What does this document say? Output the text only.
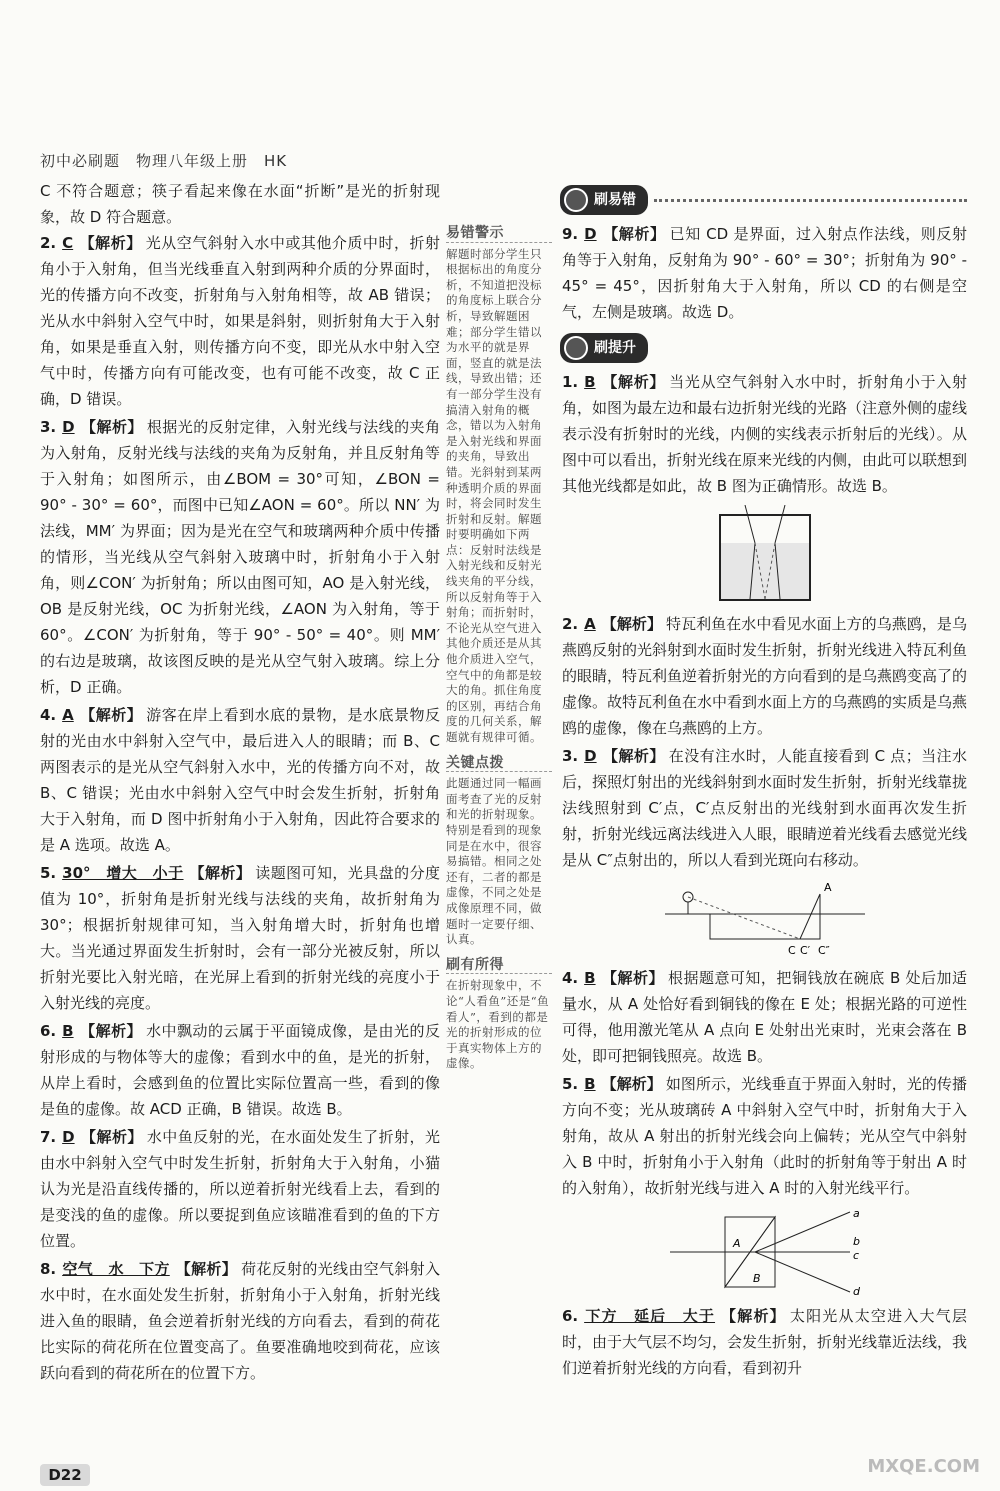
初中必刷题　物理八年级上册　HK

C 不符合题意；筷子看起来像在水面“折断”是光的折射现象，故 D 符合题意。

2. C 【解析】 光从空气斜射入水中或其他介质中时，折射角小于入射角，但当光线垂直入射到两种介质的分界面时，光的传播方向不改变，折射角与入射角相等，故 AB 错误；光从水中斜射入空气中时，如果是斜射，则折射角大于入射角，如果是垂直入射，则传播方向不变，即光从水中射入空气中时，传播方向有可能改变，也有可能不改变，故 C 正确，D 错误。

3. D 【解析】 根据光的反射定律，入射光线与法线的夹角为入射角，反射光线与法线的夹角为反射角，并且反射角等于入射角；如图所示，由∠BOM = 30°可知，∠BON = 90° - 30° = 60°，而图中已知∠AON = 60°。所以 NN′ 为法线，MM′ 为界面；因为是光在空气和玻璃两种介质中传播的情形，当光线从空气斜射入玻璃中时，折射角小于入射角，则∠CON′ 为折射角；所以由图可知，AO 是入射光线，OB 是反射光线，OC 为折射光线，∠AON 为入射角，等于 60°。∠CON′ 为折射角，等于 90° - 50° = 40°。则 MM′ 的右边是玻璃，故该图反映的是光从空气射入玻璃。综上分析，D 正确。

4. A 【解析】 游客在岸上看到水底的景物，是水底景物反射的光由水中斜射入空气中，最后进入人的眼睛；而 B、C 两图表示的是光从空气斜射入水中，光的传播方向不对，故 B、C 错误；光由水中斜射入空气中时会发生折射，折射角大于入射角，而 D 图中折射角小于入射角，因此符合要求的是 A 选项。故选 A。

5. 30°　增大　小于 【解析】 读题图可知，光具盘的分度值为 10°，折射角是折射光线与法线的夹角，故折射角为 30°；根据折射规律可知，当入射角增大时，折射角也增大。当光通过界面发生折射时，会有一部分光被反射，所以折射光要比入射光暗，在光屏上看到的折射光线的亮度小于入射光线的亮度。

6. B 【解析】 水中飘动的云属于平面镜成像，是由光的反射形成的与物体等大的虚像；看到水中的鱼，是光的折射，从岸上看时，会感到鱼的位置比实际位置高一些，看到的像是鱼的虚像。故 ACD 正确，B 错误。故选 B。

7. D 【解析】 水中鱼反射的光，在水面处发生了折射，光由水中斜射入空气中时发生折射，折射角大于入射角，小猫认为光是沿直线传播的，所以逆着折射光线看上去，看到的是变浅的鱼的虚像。所以要捉到鱼应该瞄准看到的鱼的下方位置。

8. 空气　水　下方 【解析】 荷花反射的光线由空气斜射入水中时，在水面处发生折射，折射角小于入射角，折射光线进入鱼的眼睛，鱼会逆着折射光线的方向看去，看到的荷花比实际的荷花所在位置变高了。鱼要准确地咬到荷花，应该跃向看到的荷花所在的位置下方。

易错警示
解题时部分学生只根据标出的角度分析，不知道把没标的角度标上联合分析，导致解题困难；部分学生错以为水平的就是界面，竖直的就是法线，导致出错；还有一部分学生没有搞清入射角的概念，错以为入射角是入射光线和界面的夹角，导致出错。光斜射到某两种透明介质的界面时，将会同时发生折射和反射。解题时要明确如下两点：反射时法线是入射光线和反射光线夹角的平分线，所以反射角等于入射角；而折射时，不论光从空气进入其他介质还是从其他介质进入空气，空气中的角都是较大的角。抓住角度的区别，再结合角度的几何关系，解题就有规律可循。
关键点拨
此题通过同一幅画面考查了光的反射和光的折射现象。特别是看到的现象同是在水中，很容易搞错。相同之处还有，二者的都是虚像，不同之处是成像原理不同，做题时一定要仔细、认真。
刷有所得
在折射现象中，不论“人看鱼”还是“鱼看人”，看到的都是光的折射形成的位于真实物体上方的虚像。
刷易错

9. D 【解析】 已知 CD 是界面，过入射点作法线，则反射角等于入射角，反射角为 90° - 60° = 30°；折射角为 90° - 45° = 45°，因折射角大于入射角，所以 CD 的右侧是空气，左侧是玻璃。故选 D。

刷提升

1. B 【解析】 当光从空气斜射入水中时，折射角小于入射角，如图为最左边和最右边折射光线的光路（注意外侧的虚线表示没有折射时的光线，内侧的实线表示折射后的光线）。从图中可以看出，折射光线在原来光线的内侧，由此可以联想到其他光线都是如此，故 B 图为正确情形。故选 B。

2. A 【解析】 特瓦利鱼在水中看见水面上方的乌燕鸥，是乌燕鸥反射的光斜射到水面时发生折射，折射光线进入特瓦利鱼的眼睛，特瓦利鱼逆着折射光的方向看到的是乌燕鸥变高了的虚像。故特瓦利鱼在水中看到水面上方的乌燕鸥的实质是乌燕鸥的虚像，像在乌燕鸥的上方。

3. D 【解析】 在没有注水时，人能直接看到 C 点；当注水后，探照灯射出的光线斜射到水面时发生折射，折射光线靠拢法线照射到 C′点，C′点反射出的光线射到水面再次发生折射，折射光线远离法线进入人眼，眼睛逆着光线看去感觉光线是从 C″点射出的，所以人看到光斑向右移动。

A
C C′ C″

4. B 【解析】 根据题意可知，把铜钱放在碗底 B 处后加适量水，从 A 处恰好看到铜钱的像在 E 处；根据光路的可逆性可得，他用激光笔从 A 点向 E 处射出光束时，光束会落在 B 处，即可把铜钱照亮。故选 B。

5. B 【解析】 如图所示，光线垂直于界面入射时，光的传播方向不变；光从玻璃砖 A 中斜射入空气中时，折射角大于入射角，故从 A 射出的折射光线会向上偏转；光从空气中斜射入 B 中时，折射角小于入射角（此时的折射角等于射出 A 时的入射角），故折射光线与进入 A 时的入射光线平行。

A
B
a
b
c
d

6. 下方　延后　大于 【解析】 太阳光从太空进入大气层时，由于大气层不均匀，会发生折射，折射光线靠近法线，我们逆着折射光线的方向看，看到初升

D22	MXQE.COM
